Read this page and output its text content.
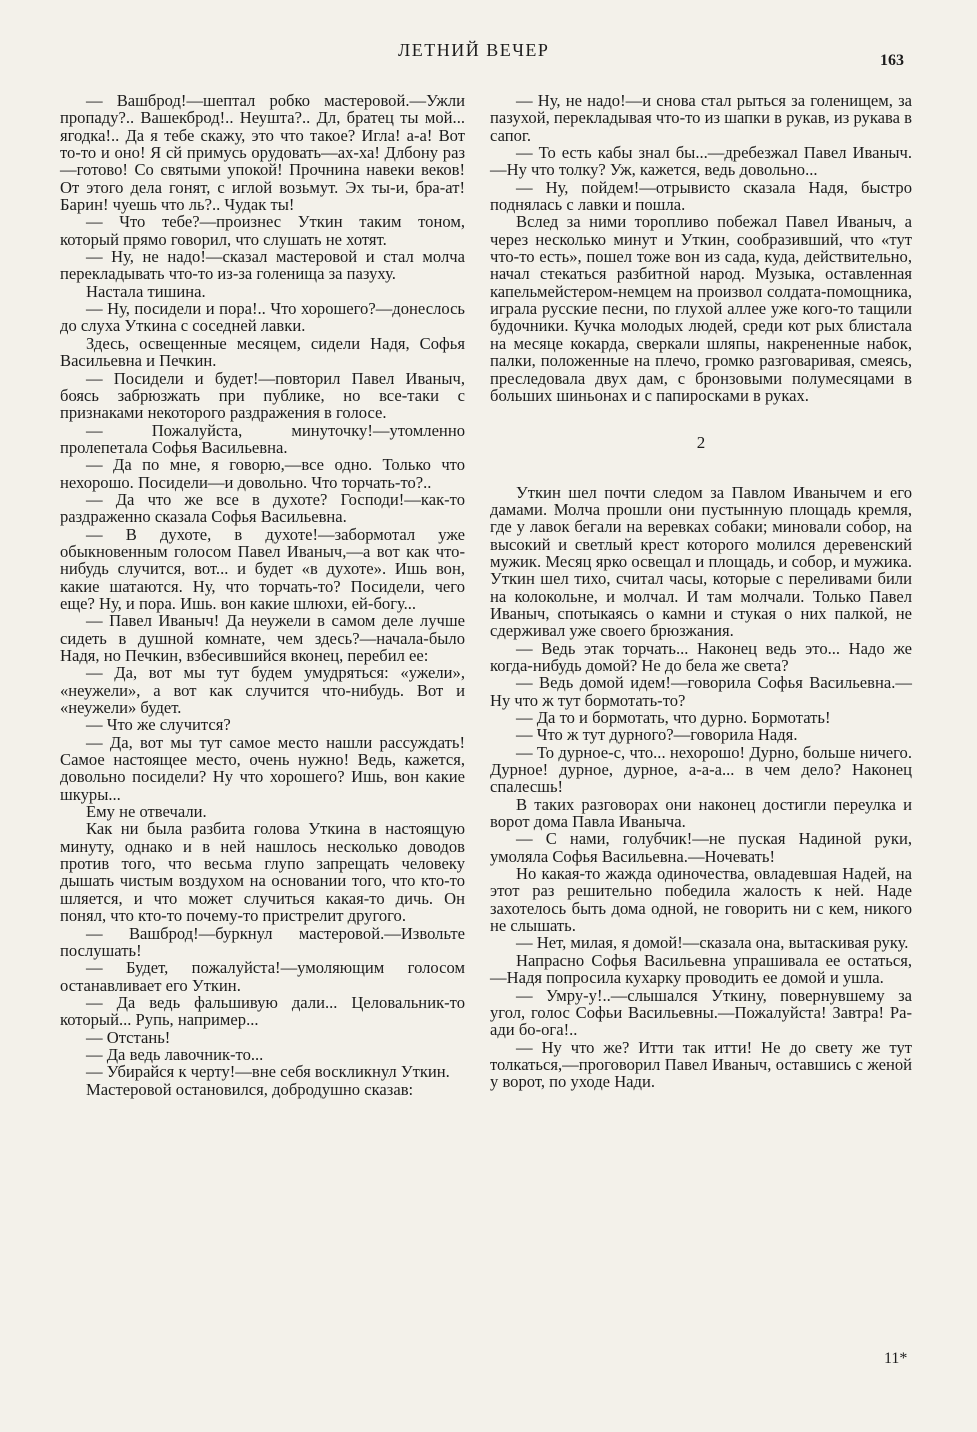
ЛЕТНИЙ ВЕЧЕР
163

— Вашброд!—шептал робко мастеровой.—Ужли пропаду?.. Вашекброд!.. Неушта?.. Дл, братец ты мой... ягодка!.. Да я тебе скажу, это что такое? Игла! а-а! Вот то-то и оно! Я сй примусь орудовать—ах-ха! Длбону раз—готово! Со святыми упокой! Прочнина навеки веков! От этого дела гонят, с иглой возьмут. Эх ты-и, бра-ат! Барин! чуешь что ль?.. Чудак ты!

— Что тебе?—произнес Уткин таким тоном, который прямо говорил, что слушать не хотят.

— Ну, не надо!—сказал мастеровой и стал молча перекладывать что-то из-за голенища за пазуху.

Настала тишина.

— Ну, посидели и пора!.. Что хорошего?—донеслось до слуха Уткина с соседней лавки.

Здесь, освещенные месяцем, сидели Надя, Софья Васильевна и Печкин.

— Посидели и будет!—повторил Павел Иваныч, боясь забрюзжать при публике, но все-таки с признаками некоторого раздражения в голосе.

— Пожалуйста, минуточку!—утомленно пролепетала Софья Васильевна.

— Да по мне, я говорю,—все одно. Только что нехорошо. Посидели—и довольно. Что торчать-то?..

— Да что же все в духоте? Господи!—как-то раздраженно сказала Софья Васильевна.

— В духоте, в духоте!—забормотал уже обыкновенным голосом Павел Иваныч,—а вот как что-нибудь случится, вот... и будет «в духоте». Ишь вон, какие шатаются. Ну, что торчать-то? Посидели, чего еще? Ну, и пора. Ишь. вон какие шлюхи, ей-богу...

— Павел Иваныч! Да неужели в самом деле лучше сидеть в душной комнате, чем здесь?—начала-было Надя, но Печкин, взбесившийся вконец, перебил ее:

— Да, вот мы тут будем умудряться: «ужели», «неужели», а вот как случится что-нибудь. Вот и «неужели» будет.

— Что же случится?

— Да, вот мы тут самое место нашли рассуждать! Самое настоящее место, очень нужно! Ведь, кажется, довольно посидели? Ну что хорошего? Ишь, вон какие шкуры...

Ему не отвечали.

Как ни была разбита голова Уткина в настоящую минуту, однако и в ней нашлось несколько доводов против того, что весьма глупо запрещать человеку дышать чистым воздухом на основании того, что кто-то шляется, и что может случиться какая-то дичь. Он понял, что кто-то почему-то пристрелит другого.

— Вашброд!—буркнул мастеровой.—Извольте послушать!

— Будет, пожалуйста!—умоляющим голосом останавливает его Уткин.

— Да ведь фальшивую дали... Целовальник-то который... Рупь, например...

— Отстань!

— Да ведь лавочник-то...

— Убирайся к черту!—вне себя воскликнул Уткин.

Мастеровой остановился, добродушно сказав:

— Ну, не надо!—и снова стал рыться за голенищем, за пазухой, перекладывая что-то из шапки в рукав, из рукава в сапог.

— То есть кабы знал бы...—дребезжал Павел Иваныч.—Ну что толку? Уж, кажется, ведь довольно...

— Ну, пойдем!—отрывисто сказала Надя, быстро поднялась с лавки и пошла.

Вслед за ними торопливо побежал Павел Иваныч, а через несколько минут и Уткин, сообразивший, что «тут что-то есть», пошел тоже вон из сада, куда, действительно, начал стекаться разбитной народ. Музыка, оставленная капельмейстером-немцем на произвол солдата-помощника, играла русские песни, по глухой аллее уже кого-то тащили будочники. Кучка молодых людей, среди кот рых блистала на месяце кокарда, сверкали шляпы, накрененные набок, палки, положенные на плечо, громко разговаривая, смеясь, преследовала двух дам, с бронзовыми полумесяцами в больших шиньонах и с папиросками в руках.

2

Уткин шел почти следом за Павлом Иванычем и его дамами. Молча прошли они пустынную площадь кремля, где у лавок бегали на веревках собаки; миновали собор, на высокий и светлый крест которого молился деревенский мужик. Месяц ярко освещал и площадь, и собор, и мужика. Уткин шел тихо, считал часы, которые с переливами били на колокольне, и молчал. И там молчали. Только Павел Иваныч, спотыкаясь о камни и стукая о них палкой, не сдерживал уже своего брюзжания.

— Ведь этак торчать... Наконец ведь это... Надо же когда-нибудь домой? Не до бела же света?

— Ведь домой идем!—говорила Софья Васильевна.—Ну что ж тут бормотать-то?

— Да то и бормотать, что дурно. Бормотать!

— Что ж тут дурного?—говорила Надя.

— То дурное-с, что... нехорошо! Дурно, больше ничего. Дурное! дурное, дурное, а-а-а... в чем дело? Наконец спалесшь!

В таких разговорах они наконец достигли переулка и ворот дома Павла Иваныча.

— С нами, голубчик!—не пуская Надиной руки, умоляла Софья Васильевна.—Ночевать!

Но какая-то жажда одиночества, овладевшая Надей, на этот раз решительно победила жалость к ней. Наде захотелось быть дома одной, не говорить ни с кем, никого не слышать.

— Нет, милая, я домой!—сказала она, вытаскивая руку.

Напрасно Софья Васильевна упрашивала ее остаться,—Надя попросила кухарку проводить ее домой и ушла.

— Умру-у!..—слышался Уткину, повернувшему за угол, голос Софьи Васильевны.—Пожалуйста! Завтра! Ра-ади бо-ога!..

— Ну что же? Итти так итти! Не до свету же тут толкаться,—проговорил Павел Иваныч, оставшись с женой у ворот, по уходе Нади.

11*
